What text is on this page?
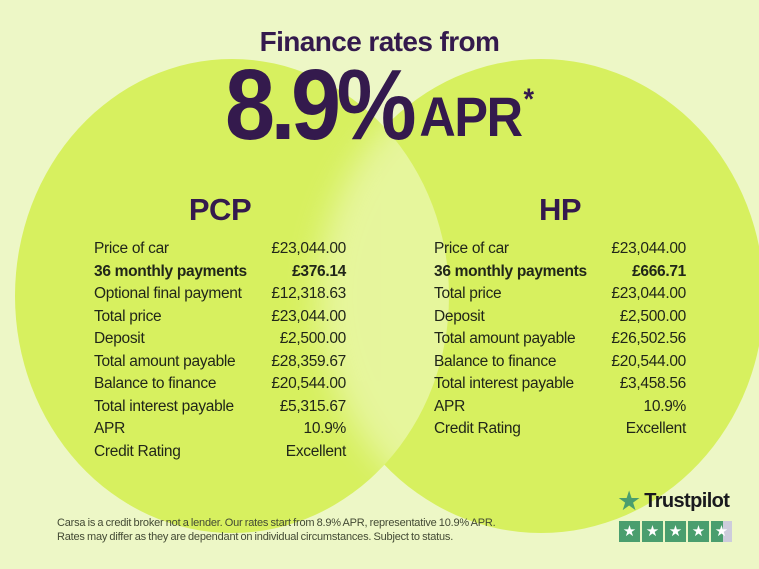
Finance rates from
8.9% APR *
PCP
Price of car	£23,044.00
36 monthly payments	£376.14
Optional final payment £12,318.63
Total price	£23,044.00
Deposit	£2,500.00
Total amount payable £28,359.67
Balance to finance	£20,544.00
Total interest payable	£5,315.67
APR	10.9%
Credit Rating	Excellent
HP
Price of car	£23,044.00
36 monthly payments	£666.71
Total price	£23,044.00
Deposit	£2,500.00
Total amount payable £26,502.56
Balance to finance	£20,544.00
Total interest payable	£3,458.56
APR	10.9%
Credit Rating	Excellent
Carsa is a credit broker not a lender. Our rates start from 8.9% APR, representative 10.9% APR.
Rates may differ as they are dependant on individual circumstances. Subject to status.
★ Trustpilot
★ ★ ★ ★ ★
